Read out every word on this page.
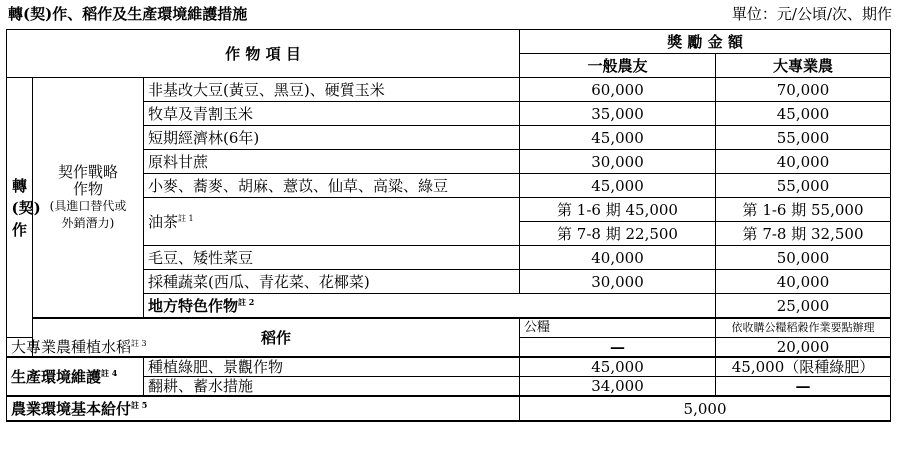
轉(契)作、稻作及生產環境維護措施	單位：元/公頃/次、期作
作 物 項 目			獎 勵 金 額		
			一般農友	大專業農	

轉(契)作	契作戰略
作物
(具進口替代或
外銷潛力)	非基改大豆(黃豆、黑豆)、硬質玉米	60,000	70,000	
		牧草及青割玉米	35,000	45,000	
		短期經濟林(6年)	45,000	55,000	
		原料甘蔗	30,000	40,000	
		小麥、蕎麥、胡麻、薏苡、仙草、高粱、綠豆	45,000	55,000	
		油茶$^{註 1}$	第 1-6 期 45,000	第 1-6 期 55,000	
			第 7-8 期 22,500	第 7-8 期 32,500	
		毛豆、矮性菜豆	40,000	50,000	
		採種蔬菜(西瓜、青花菜、花椰菜)	30,000	40,000	
		地方特色作物$^{註 2}$		25,000	
	稻作		公糧	依收購公糧稻穀作業要點辦理	
大專業農種植水稻$^{註 3}$			—	20,000	
生產環境維護$^{註 4}$		種植綠肥、景觀作物	45,000	45,000（限種綠肥）	
		翻耕、蓄水措施	34,000	—	
農業環境基本給付$^{註 5}$			5,000		
